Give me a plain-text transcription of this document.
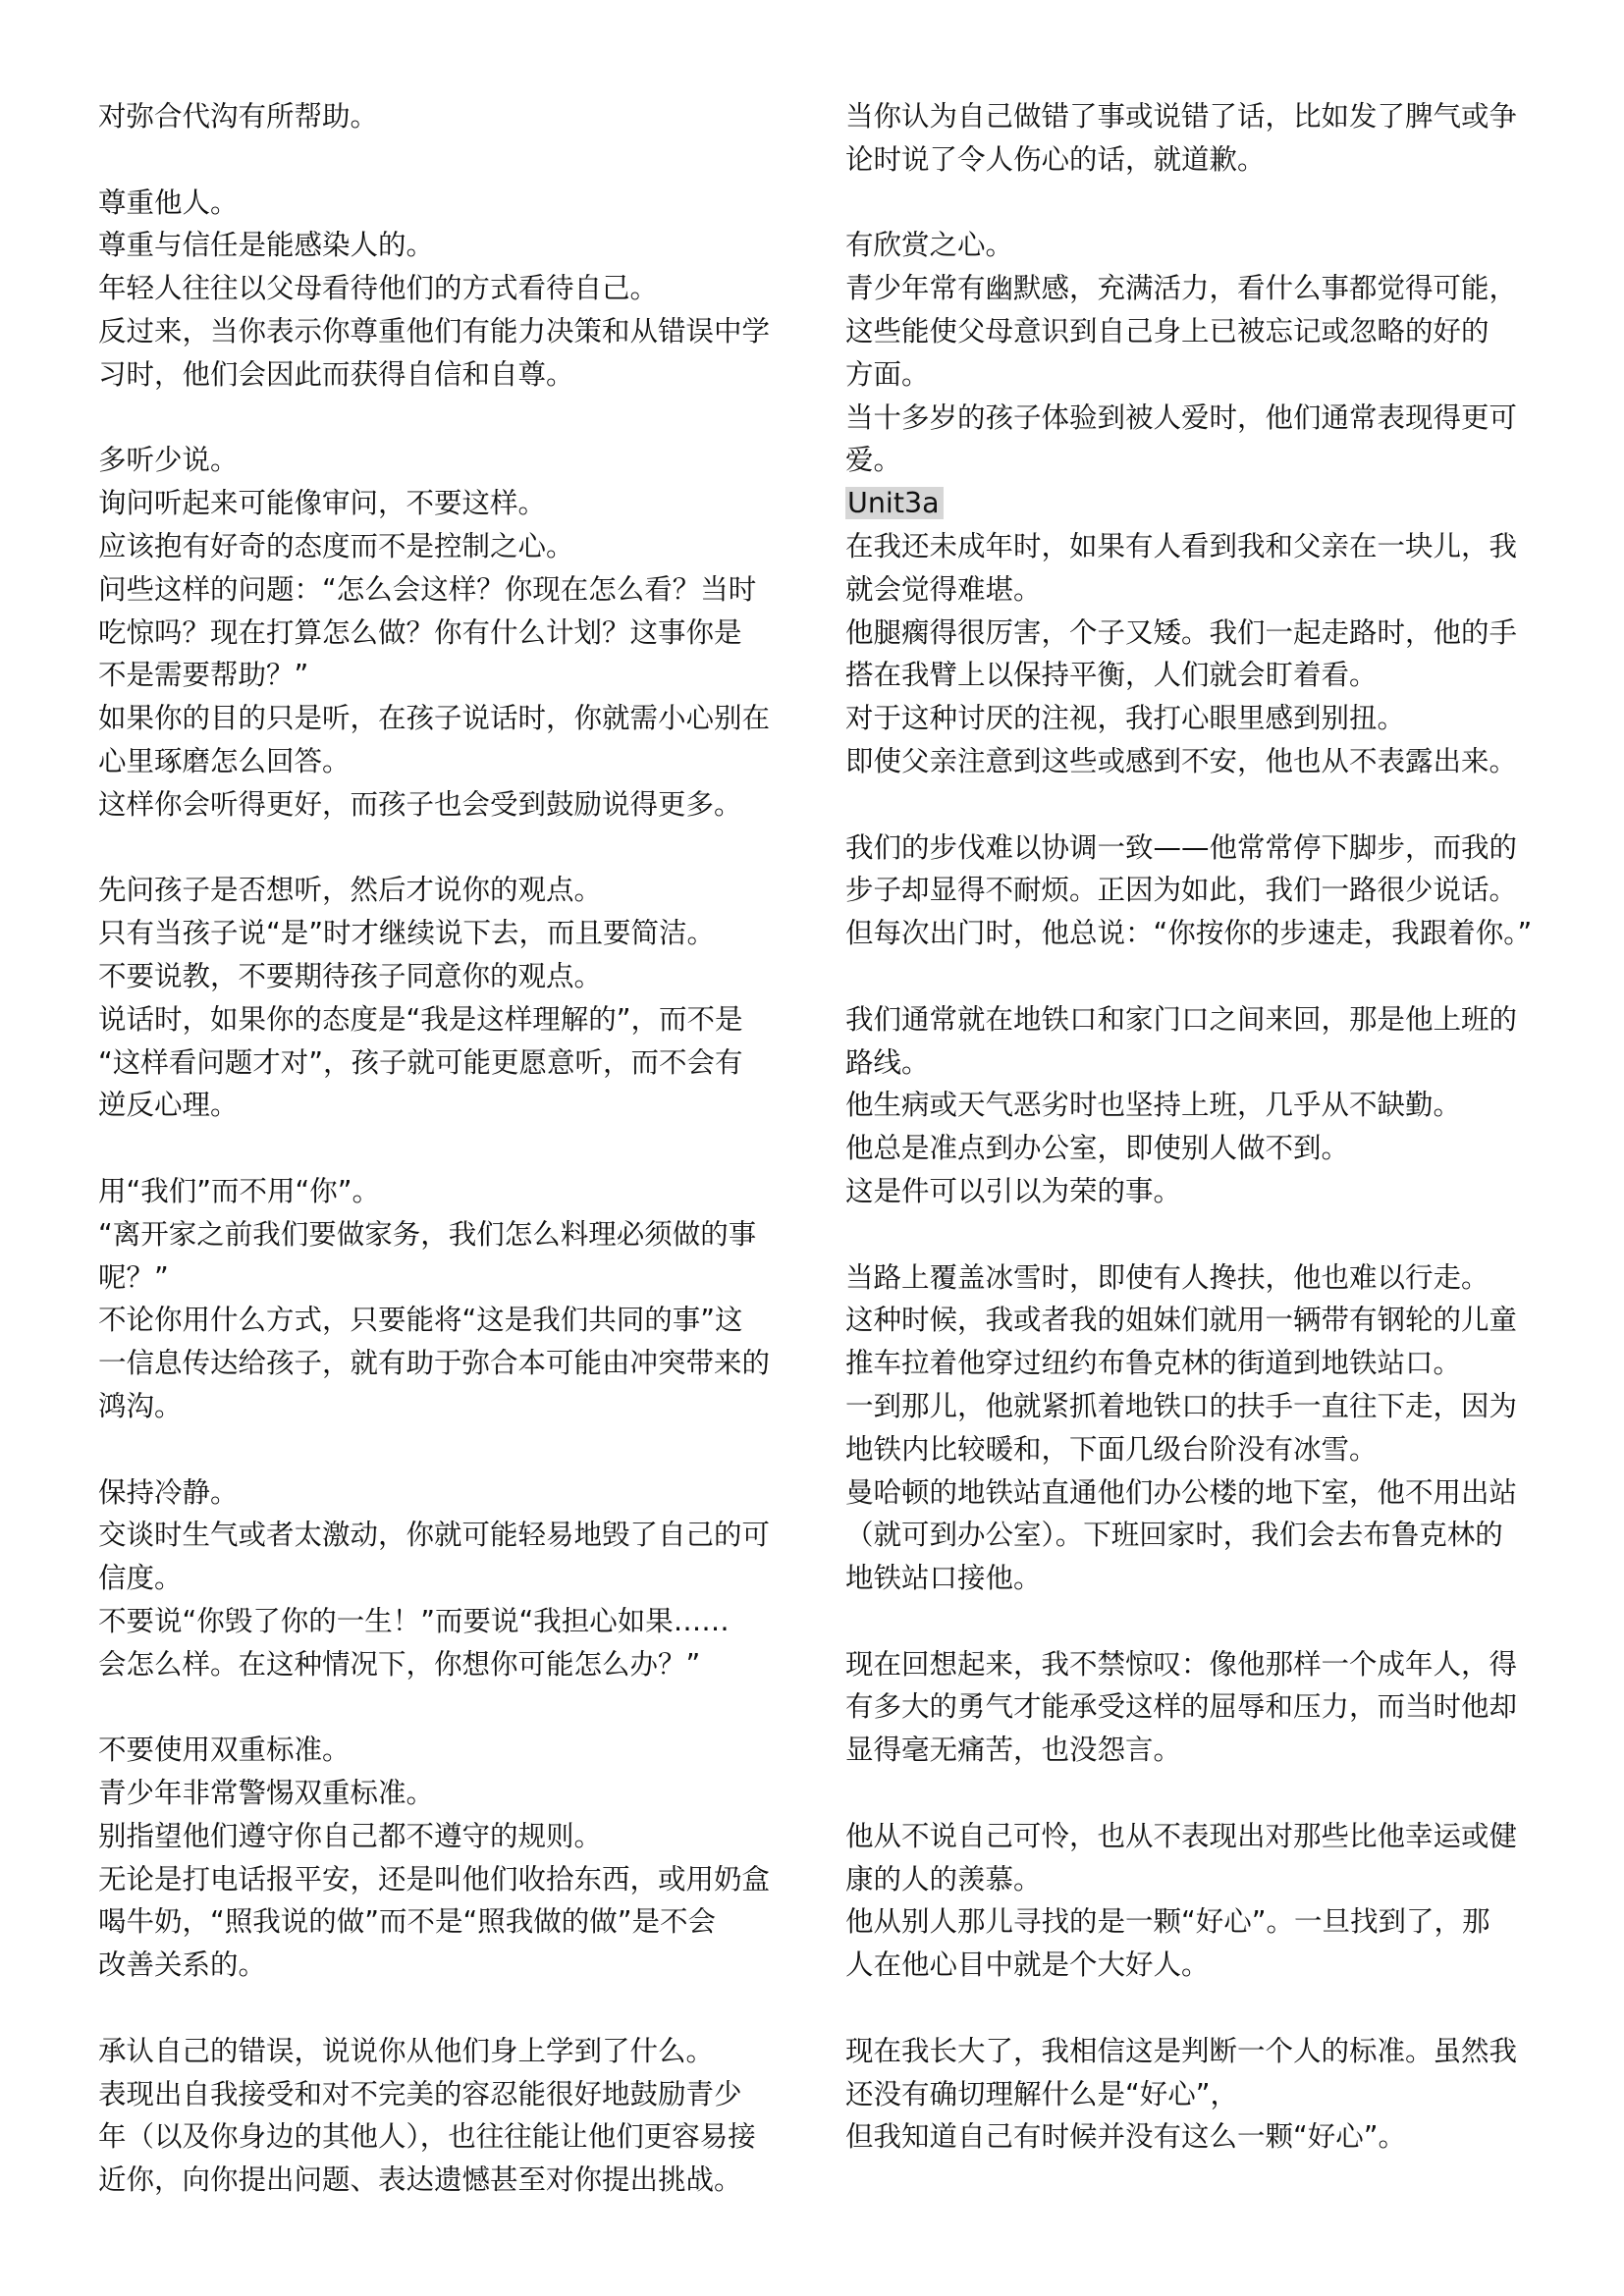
对弥合代沟有所帮助。
尊重他人。
尊重与信任是能感染人的。
年轻人往往以父母看待他们的方式看待自己。
反过来，当你表示你尊重他们有能力决策和从错误中学
习时，他们会因此而获得自信和自尊。
多听少说。
询问听起来可能像审问，不要这样。
应该抱有好奇的态度而不是控制之心。
问些这样的问题：“怎么会这样？你现在怎么看？当时
吃惊吗？现在打算怎么做？你有什么计划？这事你是
不是需要帮助？”
如果你的目的只是听，在孩子说话时，你就需小心别在
心里琢磨怎么回答。
这样你会听得更好，而孩子也会受到鼓励说得更多。
先问孩子是否想听，然后才说你的观点。
只有当孩子说“是”时才继续说下去，而且要简洁。
不要说教，不要期待孩子同意你的观点。
说话时，如果你的态度是“我是这样理解的”，而不是
“这样看问题才对”，孩子就可能更愿意听，而不会有
逆反心理。
用“我们”而不用“你”。
“离开家之前我们要做家务，我们怎么料理必须做的事
呢？”
不论你用什么方式，只要能将“这是我们共同的事”这
一信息传达给孩子，就有助于弥合本可能由冲突带来的
鸿沟。
保持冷静。
交谈时生气或者太激动，你就可能轻易地毁了自己的可
信度。
不要说“你毁了你的一生！”而要说“我担心如果……
会怎么样。在这种情况下，你想你可能怎么办？”
不要使用双重标准。
青少年非常警惕双重标准。
别指望他们遵守你自己都不遵守的规则。
无论是打电话报平安，还是叫他们收拾东西，或用奶盒
喝牛奶，“照我说的做”而不是“照我做的做”是不会
改善关系的。
承认自己的错误，说说你从他们身上学到了什么。
表现出自我接受和对不完美的容忍能很好地鼓励青少
年（以及你身边的其他人），也往往能让他们更容易接
近你，向你提出问题、表达遗憾甚至对你提出挑战。
当你认为自己做错了事或说错了话，比如发了脾气或争
论时说了令人伤心的话，就道歉。
有欣赏之心。
青少年常有幽默感，充满活力，看什么事都觉得可能，
这些能使父母意识到自己身上已被忘记或忽略的好的
方面。
当十多岁的孩子体验到被人爱时，他们通常表现得更可
爱。
Unit3a
在我还未成年时，如果有人看到我和父亲在一块儿，我
就会觉得难堪。
他腿瘸得很厉害，个子又矮。我们一起走路时，他的手
搭在我臂上以保持平衡，人们就会盯着看。
对于这种讨厌的注视，我打心眼里感到别扭。
即使父亲注意到这些或感到不安，他也从不表露出来。
我们的步伐难以协调一致——他常常停下脚步，而我的
步子却显得不耐烦。正因为如此，我们一路很少说话。
但每次出门时，他总说：“你按你的步速走，我跟着你。”
我们通常就在地铁口和家门口之间来回，那是他上班的
路线。
他生病或天气恶劣时也坚持上班，几乎从不缺勤。
他总是准点到办公室，即使别人做不到。
这是件可以引以为荣的事。
当路上覆盖冰雪时，即使有人搀扶，他也难以行走。
这种时候，我或者我的姐妹们就用一辆带有钢轮的儿童
推车拉着他穿过纽约布鲁克林的街道到地铁站口。
一到那儿，他就紧抓着地铁口的扶手一直往下走，因为
地铁内比较暖和，下面几级台阶没有冰雪。
曼哈顿的地铁站直通他们办公楼的地下室，他不用出站
（就可到办公室）。下班回家时，我们会去布鲁克林的
地铁站口接他。
现在回想起来，我不禁惊叹：像他那样一个成年人，得
有多大的勇气才能承受这样的屈辱和压力，而当时他却
显得毫无痛苦，也没怨言。
他从不说自己可怜，也从不表现出对那些比他幸运或健
康的人的羡慕。
他从别人那儿寻找的是一颗“好心”。一旦找到了，那
人在他心目中就是个大好人。
现在我长大了，我相信这是判断一个人的标准。虽然我
还没有确切理解什么是“好心”，
但我知道自己有时候并没有这么一颗“好心”。
